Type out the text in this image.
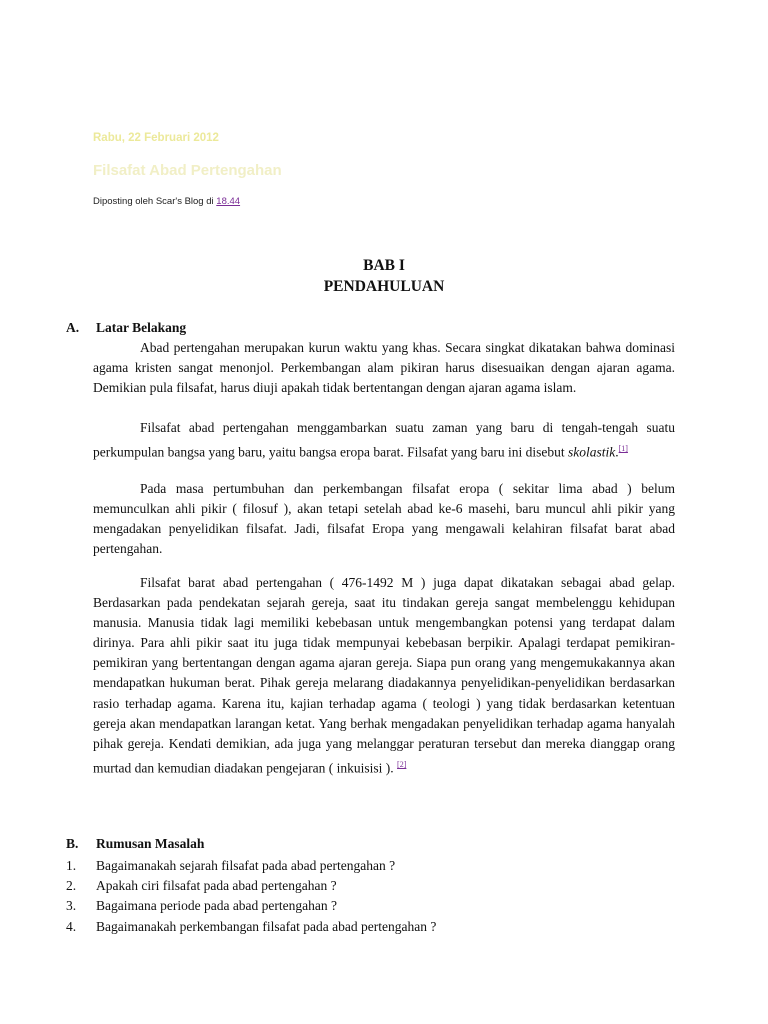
Rabu, 22 Februari 2012
Filsafat Abad Pertengahan
Diposting oleh Scar's Blog di 18.44
BAB I
PENDAHULUAN
A. Latar Belakang
Abad pertengahan merupakan kurun waktu yang khas. Secara singkat dikatakan bahwa dominasi agama kristen sangat menonjol. Perkembangan alam pikiran harus disesuaikan dengan ajaran agama. Demikian pula filsafat, harus diuji apakah tidak bertentangan dengan ajaran agama islam.
Filsafat abad pertengahan menggambarkan suatu zaman yang baru di tengah-tengah suatu perkumpulan bangsa yang baru, yaitu bangsa eropa barat. Filsafat yang baru ini disebut skolastik.[1]
Pada masa pertumbuhan dan perkembangan filsafat eropa ( sekitar lima abad ) belum memunculkan ahli pikir ( filosuf ), akan tetapi setelah abad ke-6 masehi, baru muncul ahli pikir yang mengadakan penyelidikan filsafat. Jadi, filsafat Eropa yang mengawali kelahiran filsafat barat abad pertengahan.
Filsafat barat abad pertengahan ( 476-1492 M ) juga dapat dikatakan sebagai abad gelap. Berdasarkan pada pendekatan sejarah gereja, saat itu tindakan gereja sangat membelenggu kehidupan manusia. Manusia tidak lagi memiliki kebebasan untuk mengembangkan potensi yang terdapat dalam dirinya. Para ahli pikir saat itu juga tidak mempunyai kebebasan berpikir. Apalagi terdapat pemikiran-pemikiran yang bertentangan dengan agama ajaran gereja. Siapa pun orang yang mengemukakannya akan mendapatkan hukuman berat. Pihak gereja melarang diadakannya penyelidikan-penyelidikan berdasarkan rasio terhadap agama. Karena itu, kajian terhadap agama ( teologi ) yang tidak berdasarkan ketentuan gereja akan mendapatkan larangan ketat. Yang berhak mengadakan penyelidikan terhadap agama hanyalah pihak gereja. Kendati demikian, ada juga yang melanggar peraturan tersebut dan mereka dianggap orang murtad dan kemudian diadakan pengejaran ( inkuisisi ). [2]
B. Rumusan Masalah
1. Bagaimanakah sejarah filsafat pada abad pertengahan ?
2. Apakah ciri filsafat pada abad pertengahan ?
3. Bagaimana periode pada abad pertengahan ?
4. Bagaimanakah perkembangan filsafat pada abad pertengahan ?
